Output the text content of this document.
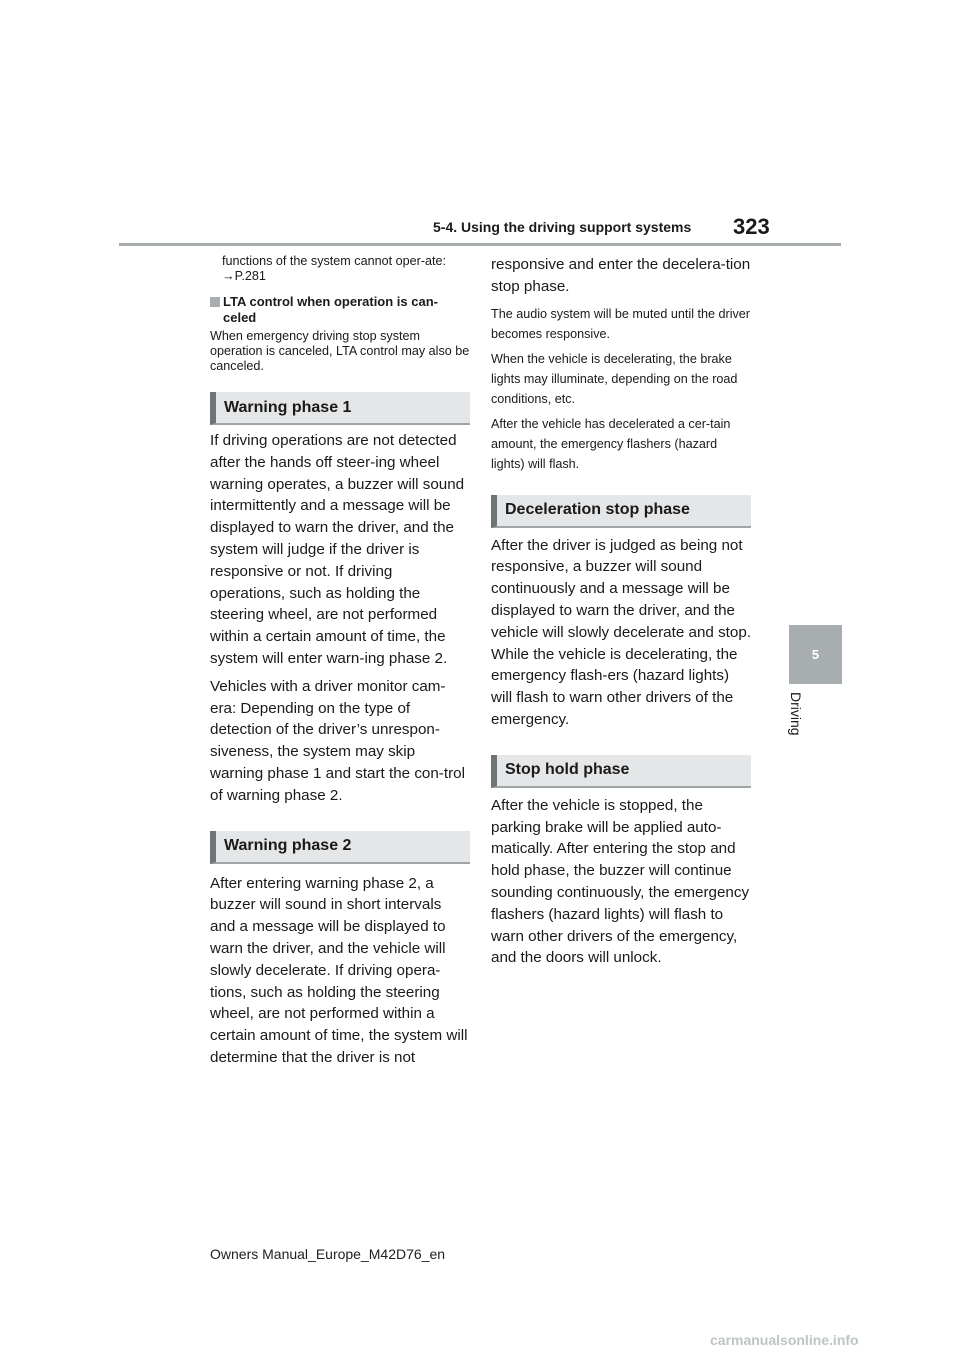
5-4. Using the driving support systems 323
5
Driving

functions of the system cannot oper-ate: →P.281

LTA control when operation is can-celed

When emergency driving stop system operation is canceled, LTA control may also be canceled.

Warning phase 1

If driving operations are not detected after the hands off steer-ing wheel warning operates, a buzzer will sound intermittently and a message will be displayed to warn the driver, and the system will judge if the driver is responsive or not. If driving operations, such as holding the steering wheel, are not performed within a certain amount of time, the system will enter warn-ing phase 2.

Vehicles with a driver monitor cam-era: Depending on the type of detection of the driver’s unrespon-siveness, the system may skip warning phase 1 and start the con-trol of warning phase 2.

Warning phase 2

After entering warning phase 2, a buzzer will sound in short intervals and a message will be displayed to warn the driver, and the vehicle will slowly decelerate. If driving opera-tions, such as holding the steering wheel, are not performed within a certain amount of time, the system will determine that the driver is not

responsive and enter the decelera-tion stop phase.

The audio system will be muted until the driver becomes responsive.

When the vehicle is decelerating, the brake lights may illuminate, depending on the road conditions, etc.

After the vehicle has decelerated a cer-tain amount, the emergency flashers (hazard lights) will flash.

Deceleration stop phase

After the driver is judged as being not responsive, a buzzer will sound continuously and a message will be displayed to warn the driver, and the vehicle will slowly decelerate and stop. While the vehicle is decelerating, the emergency flash-ers (hazard lights) will flash to warn other drivers of the emergency.

Stop hold phase

After the vehicle is stopped, the parking brake will be applied auto-matically. After entering the stop and hold phase, the buzzer will continue sounding continuously, the emergency flashers (hazard lights) will flash to warn other drivers of the emergency, and the doors will unlock.

Owners Manual_Europe_M42D76_en
carmanualsonline.info
